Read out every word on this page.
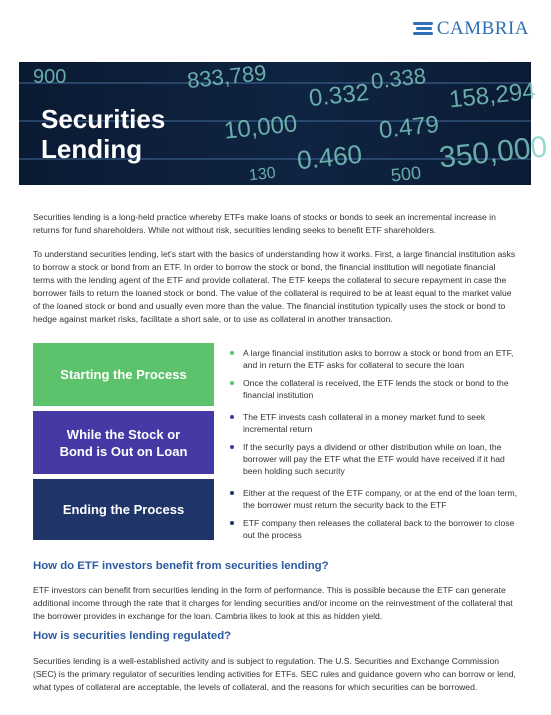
CAMBRIA
900	833,789
0.332
0.338 158,294
10,000	0.479
0.460 350,000
500
130
Securities
Lending

Securities lending is a long-held practice whereby ETFs make loans of stocks or bonds to seek an incremental increase in returns for fund shareholders. While not without risk, securities lending seeks to benefit ETF shareholders.

To understand securities lending, let's start with the basics of understanding how it works. First, a large financial institution asks to borrow a stock or bond from an ETF. In order to borrow the stock or bond, the financial institution will negotiate financial terms with the lending agent of the ETF and provide collateral. The ETF keeps the collateral to secure repayment in case the borrower fails to return the loaned stock or bond. The value of the collateral is required to be at least equal to the market value of the loaned stock or bond and usually even more than the value. The financial institution typically uses the stock or bond to hedge against market risks, facilitate a short sale, or to use as collateral in another transaction.

Starting the Process
A large financial institution asks to borrow a stock or bond from an ETF, and in return the ETF asks for collateral to secure the loan
Once the collateral is received, the ETF lends the stock or bond to the financial institution
While the Stock or Bond is Out on Loan
The ETF invests cash collateral in a money market fund to seek incremental return
If the security pays a dividend or other distribution while on loan, the borrower will pay the ETF what the ETF would have received if it had been holding such security
Ending the Process
Either at the request of the ETF company, or at the end of the loan term, the borrower must return the security back to the ETF
ETF company then releases the collateral back to the borrower to close out the process
How do ETF investors benefit from securities lending?

ETF investors can benefit from securities lending in the form of performance. This is possible because the ETF can generate additional income through the rate that it charges for lending securities and/or income on the reinvestment of the collateral that the borrower provides in exchange for the loan. Cambria likes to look at this as hidden yield.

How is securities lending regulated?

Securities lending is a well-established activity and is subject to regulation. The U.S. Securities and Exchange Commission (SEC) is the primary regulator of securities lending activities for ETFs. SEC rules and guidance govern who can borrow or lend, what types of collateral are acceptable, the levels of collateral, and the reasons for which securities can be borrowed.
